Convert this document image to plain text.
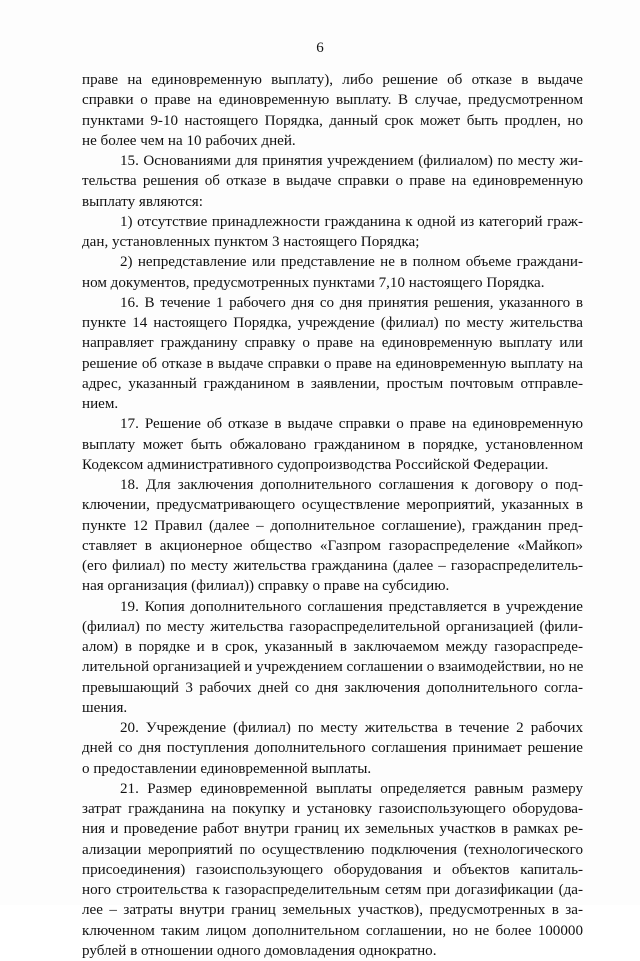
6
праве на единовременную выплату), либо решение об отказе в выдаче
справки о праве на единовременную выплату. В случае, предусмотренном
пунктами 9-10 настоящего Порядка, данный срок может быть продлен, но
не более чем на 10 рабочих дней.
15. Основаниями для принятия учреждением (филиалом) по месту жи-
тельства решения об отказе в выдаче справки о праве на единовременную
выплату являются:
1) отсутствие принадлежности гражданина к одной из категорий граж-
дан, установленных пунктом 3 настоящего Порядка;
2) непредставление или представление не в полном объеме граждани-
ном документов, предусмотренных пунктами 7,10 настоящего Порядка.
16. В течение 1 рабочего дня со дня принятия решения, указанного в
пункте 14 настоящего Порядка, учреждение (филиал) по месту жительства
направляет гражданину справку о праве на единовременную выплату или
решение об отказе в выдаче справки о праве на единовременную выплату на
адрес, указанный гражданином в заявлении, простым почтовым отправле-
нием.
17. Решение об отказе в выдаче справки о праве на единовременную
выплату может быть обжаловано гражданином в порядке, установленном
Кодексом административного судопроизводства Российской Федерации.
18. Для заключения дополнительного соглашения к договору о под-
ключении, предусматривающего осуществление мероприятий, указанных в
пункте 12 Правил (далее – дополнительное соглашение), гражданин пред-
ставляет в акционерное общество «Газпром газораспределение «Майкоп»
(его филиал) по месту жительства гражданина (далее – газораспределитель-
ная организация (филиал)) справку о праве на субсидию.
19. Копия дополнительного соглашения представляется в учреждение
(филиал) по месту жительства газораспределительной организацией (фили-
алом) в порядке и в срок, указанный в заключаемом между газораспреде-
лительной организацией и учреждением соглашении о взаимодействии, но не
превышающий 3 рабочих дней со дня заключения дополнительного согла-
шения.
20. Учреждение (филиал) по месту жительства в течение 2 рабочих
дней со дня поступления дополнительного соглашения принимает решение
о предоставлении единовременной выплаты.
21. Размер единовременной выплаты определяется равным размеру
затрат гражданина на покупку и установку газоиспользующего оборудова-
ния и проведение работ внутри границ их земельных участков в рамках ре-
ализации мероприятий по осуществлению подключения (технологического
присоединения) газоиспользующего оборудования и объектов капиталь-
ного строительства к газораспределительным сетям при догазификации (да-
лее – затраты внутри границ земельных участков), предусмотренных в за-
ключенном таким лицом дополнительном соглашении, но не более 100000
рублей в отношении одного домовладения однократно.
